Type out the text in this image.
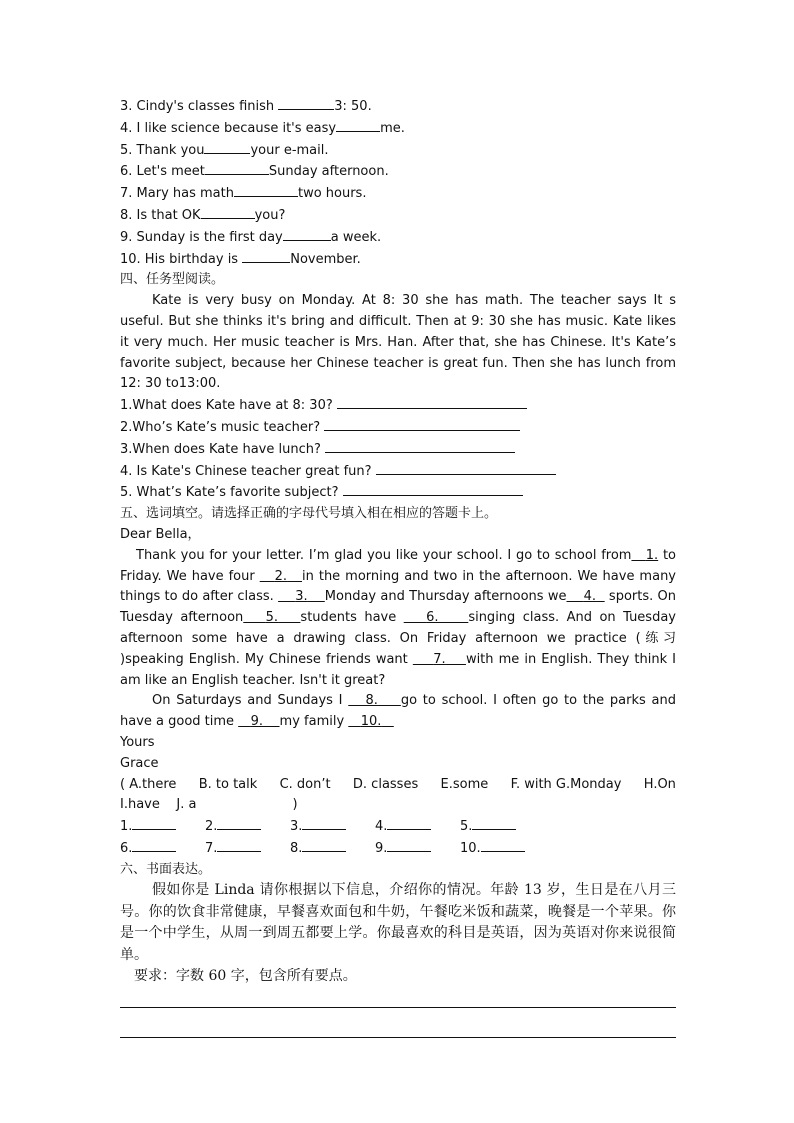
3. Cindy's classes finish	3: 50.

4. I like science because it's easy	me.

5. Thank you	your e-mail.

6. Let's meet	Sunday afternoon.

7. Mary has math	two hours.

8. Is that OK	you?

9. Sunday is the first day	a week.

10. His birthday is	November.

四、任务型阅读。

Kate is very busy on Monday. At 8: 30 she has math. The teacher says It s useful. But she thinks it's bring and difficult. Then at 9: 30 she has music. Kate likes it very much. Her music teacher is Mrs. Han. After that, she has Chinese. It's Kate’s favorite subject, because her Chinese teacher is great fun. Then she has lunch from 12: 30 to13:00.

1.What does Kate have at 8: 30?

2.Who’s Kate’s music teacher?

3.When does Kate have lunch?

4. Is Kate's Chinese teacher great fun?

5. What’s Kate’s favorite subject?

五、选词填空。请选择正确的字母代号填入相在相应的答题卡上。

Dear Bella，

Thank you for your letter. I’m glad you like your school. I go to school from 1. to Friday. We have four    2. in the morning and two in the afternoon. We have many things to do after class.     3. Monday and Thursday afternoons we 4.   sports. On Tuesday afternoon 5. students have    6. singing class. And on Tuesday afternoon some have a drawing class. On Friday afternoon we practice (练习 )speaking English. My Chinese friends want     7. with me in English. They think I am like an English teacher. Isn't it great?

On Saturdays and Sundays I    8. go to school. I often go to the parks and have a good time    9. my family    10.

Yours

Grace

( A.there B. to talk C. don’t D. classes E.some F. with G.Monday H.On

I.have J. a	)

1.	2.	3.	4.	5.

6.	7.	8.	9.	10.

六、书面表达。

假如你是 Linda 请你根据以下信息，介绍你的情况。年龄 13 岁，生日是在八月三号。你的饮食非常健康，早餐喜欢面包和牛奶，午餐吃米饭和蔬菜，晚餐是一个苹果。你是一个中学生，从周一到周五都要上学。你最喜欢的科目是英语，因为英语对你来说很简单。

要求：字数 60 字，包含所有要点。
